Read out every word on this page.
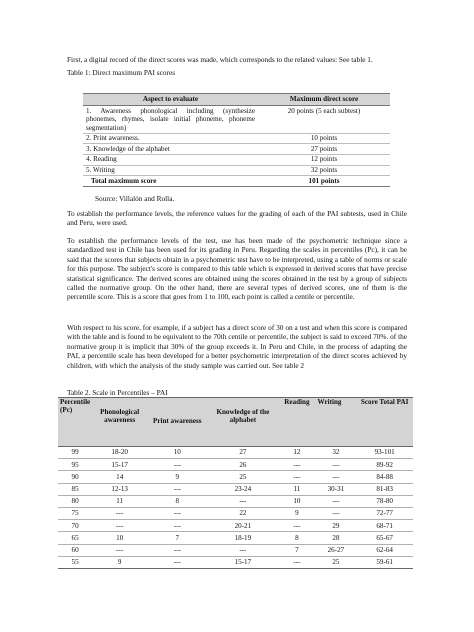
First, a digital record of the direct scores was made, which corresponds to the related values: See table 1.

Table 1: Direct maximum PAI scores

Aspect to evaluate	Maximum direct score
1. Awareness phonological including (synthesize phonemes, rhymes, isolate initial phoneme, phoneme segmentation)	20 points (5 each subtest)
2. Print awareness.	10 points
3. Knowledge of the alphabet	27 points
4. Reading	12 points
5. Writing	32 points
Total maximum score	101 points

Source: Villalón and Rolla.

To establish the performance levels, the reference values for the grading of each of the PAI subtests, used in Chile and Peru, were used.

To establish the performance levels of the test, use has been made of the psychometric technique since a standardized test in Chile has been used for its grading in Peru. Regarding the scales in percentiles (Pc), it can be said that the scores that subjects obtain in a psychometric test have to be interpreted, using a table of norms or scale for this purpose. The subject's score is compared to this table which is expressed in derived scores that have precise statistical significance. The derived scores are obtained using the scores obtained in the test by a group of subjects called the normative group. On the other hand, there are several types of derived scores, one of them is the percentile score. This is a score that goes from 1 to 100, each point is called a centile or percentile.

With respect to his score, for example, if a subject has a direct score of 30 on a test and when this score is compared with the table and is found to be equivalent to the 70th centile or percentile, the subject is said to exceed 70%. of the normative group it is implicit that 30% of the group exceeds it. In Peru and Chile, in the process of adapting the PAI, a percentile scale has been developed for a better psychometric interpretation of the direct scores achieved by children, with which the analysis of the study sample was carried out. See table 2

Table 2. Scale in Percentiles – PAI

Percentile (Pc)	Phonological awareness	Print awareness	Knowledge of the alphabet	Reading	Writing	Score Total PAI
99	18-20	10	27	12	32	93-101
95	15-17	---	26	---	---	89-92
90	14	9	25	---	---	84-88
85	12-13	---	23-24	11	30-31	81-83
80	11	8	---	10	---	78-80
75	---	---	22	9	---	72-77
70	---	---	20-21	---	29	68-71
65	10	7	18-19	8	28	65-67
60	---	---	---	7	26-27	62-64
55	9	---	15-17	---	25	59-61
